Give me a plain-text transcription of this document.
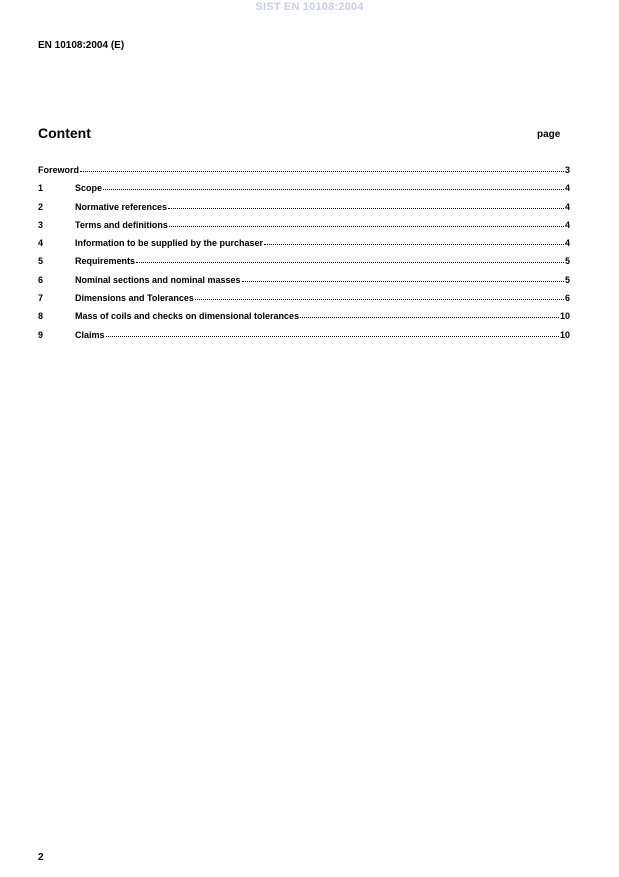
SIST EN 10108:2004
EN 10108:2004 (E)
Content	page
Foreword	3
1	Scope	4
2	Normative references	4
3	Terms and definitions	4
4	Information to be supplied by the purchaser	4
5	Requirements	5
6	Nominal sections and nominal masses	5
7	Dimensions and Tolerances	6
8	Mass of coils and checks on dimensional tolerances	10
9	Claims	10
2
